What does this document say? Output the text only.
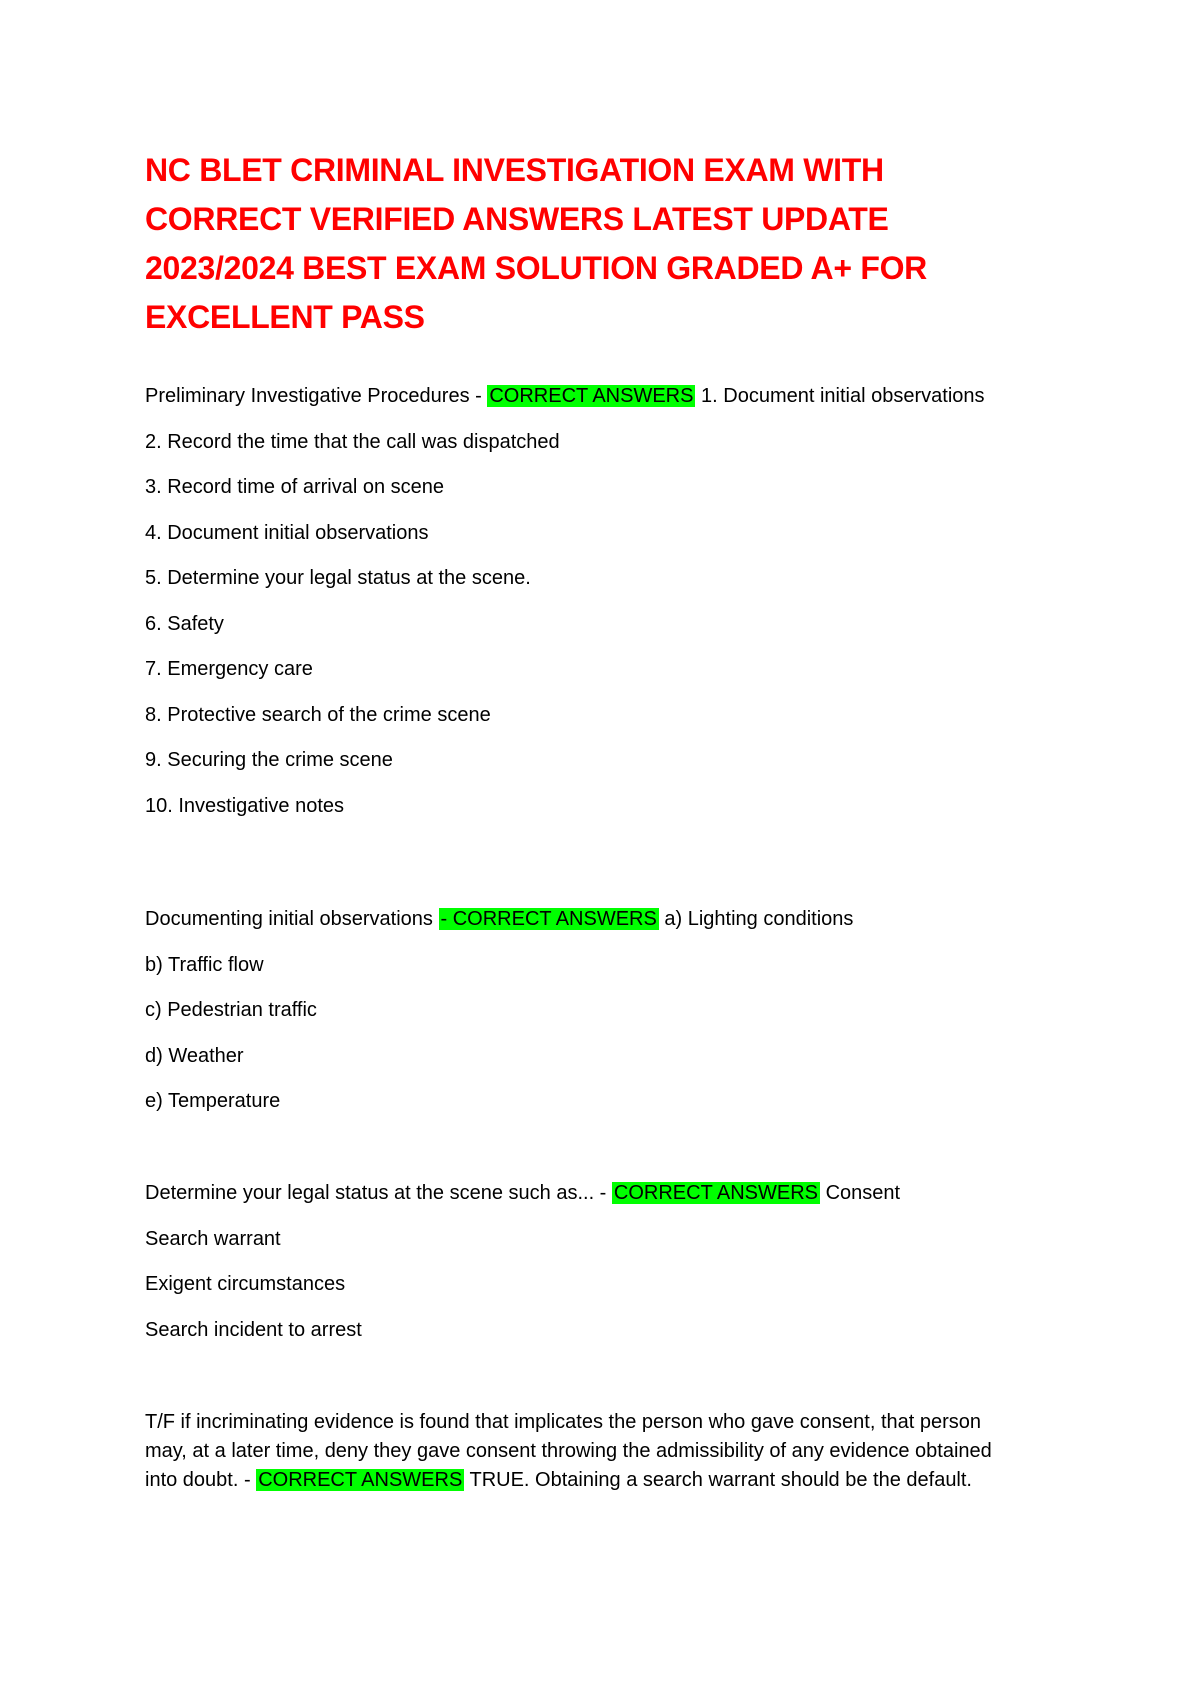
NC BLET CRIMINAL INVESTIGATION EXAM WITH CORRECT VERIFIED ANSWERS LATEST UPDATE 2023/2024 BEST EXAM SOLUTION GRADED A+ FOR EXCELLENT PASS
Preliminary Investigative Procedures - CORRECT ANSWERS 1. Document initial observations
2. Record the time that the call was dispatched
3. Record time of arrival on scene
4. Document initial observations
5. Determine your legal status at the scene.
6. Safety
7. Emergency care
8. Protective search of the crime scene
9. Securing the crime scene
10. Investigative notes
Documenting initial observations - CORRECT ANSWERS a) Lighting conditions
b) Traffic flow
c) Pedestrian traffic
d) Weather
e) Temperature
Determine your legal status at the scene such as... - CORRECT ANSWERS Consent
Search warrant
Exigent circumstances
Search incident to arrest

T/F if incriminating evidence is found that implicates the person who gave consent, that person may, at a later time, deny they gave consent throwing the admissibility of any evidence obtained into doubt. - CORRECT ANSWERS TRUE. Obtaining a search warrant should be the default.
